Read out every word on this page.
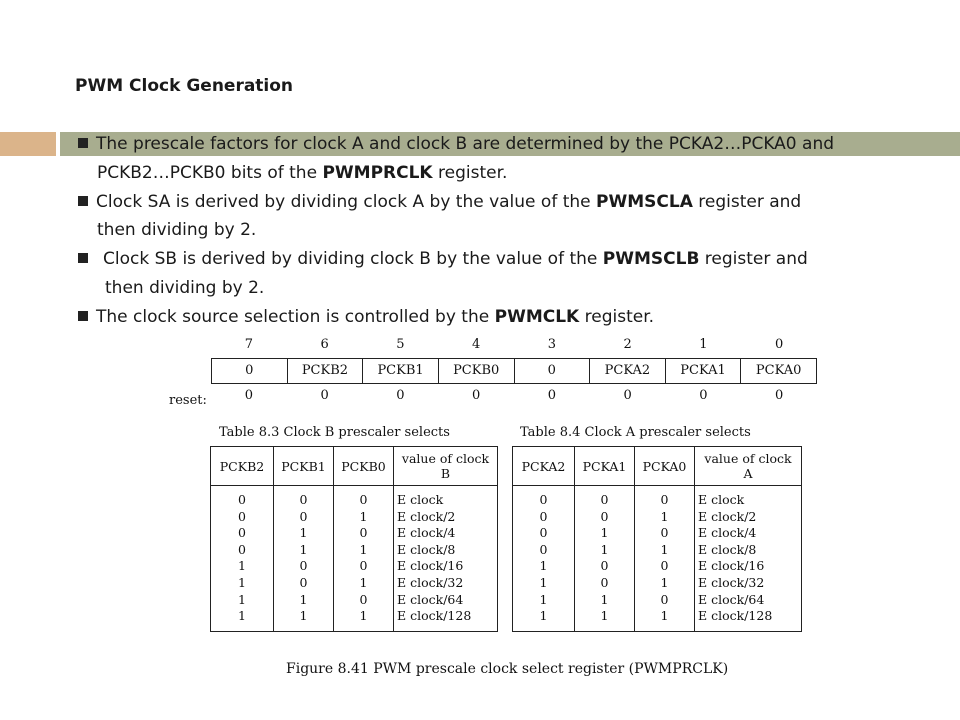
PWM Clock Generation
The prescale factors for clock A and clock B are determined by the PCKA2…PCKA0 and
PCKB2…PCKB0 bits of the PWMPRCLK register.
Clock SA is derived by dividing clock A by the value of the PWMSCLA register and
then dividing by 2.
Clock SB is derived by dividing clock B by the value of the PWMSCLB register and
then dividing by 2.
The clock source selection is controlled by the PWMCLK register.
7	6	5	4	3	2	1	0
0	PCKB2	PCKB1	PCKB0	0	PCKA2	PCKA1	PCKA0
reset:	0	0	0	0	0	0	0	0
Table 8.3 Clock B prescaler selects	Table 8.4 Clock A prescaler selects
PCKB2	PCKB1	PCKB0	value of clock B

0	0	0	E clock
0	0	1	E clock/2
0	1	0	E clock/4
0	1	1	E clock/8
1	0	0	E clock/16
1	0	1	E clock/32
1	1	0	E clock/64
1	1	1	E clock/128
PCKA2	PCKA1	PCKA0	value of clock A

0	0	0	E clock
0	0	1	E clock/2
0	1	0	E clock/4
0	1	1	E clock/8
1	0	0	E clock/16
1	0	1	E clock/32
1	1	0	E clock/64
1	1	1	E clock/128
Figure 8.41 PWM prescale clock select register (PWMPRCLK)
